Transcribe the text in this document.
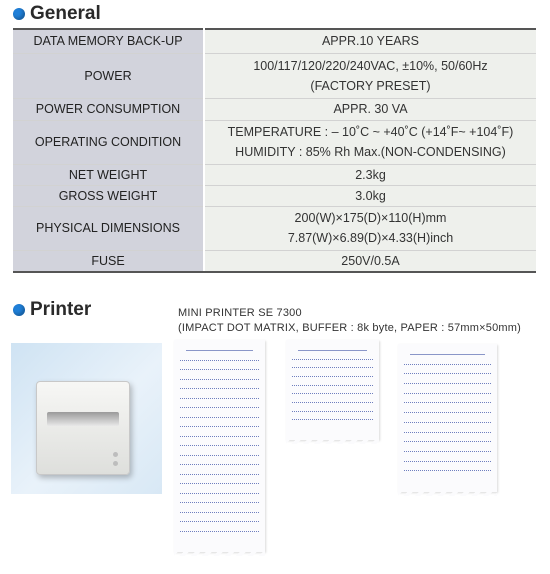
General
DATA MEMORY BACK-UP	APPR.10 YEARS

POWER	100/117/120/220/240VAC, ±10%, 50/60Hz
(FACTORY PRESET)

POWER CONSUMPTION	APPR. 30 VA

OPERATING CONDITION	TEMPERATURE : – 10˚C ~ +40˚C (+14˚F~ +104˚F)
HUMIDITY : 85% Rh Max.(NON-CONDENSING)

NET WEIGHT	2.3kg

GROSS WEIGHT	3.0kg

PHYSICAL DIMENSIONS	200(W)×175(D)×110(H)mm
7.87(W)×6.89(D)×4.33(H)inch

FUSE	250V/0.5A
Printer	MINI PRINTER SE 7300
(IMPACT DOT MATRIX, BUFFER : 8k byte, PAPER : 57mm×50mm)
